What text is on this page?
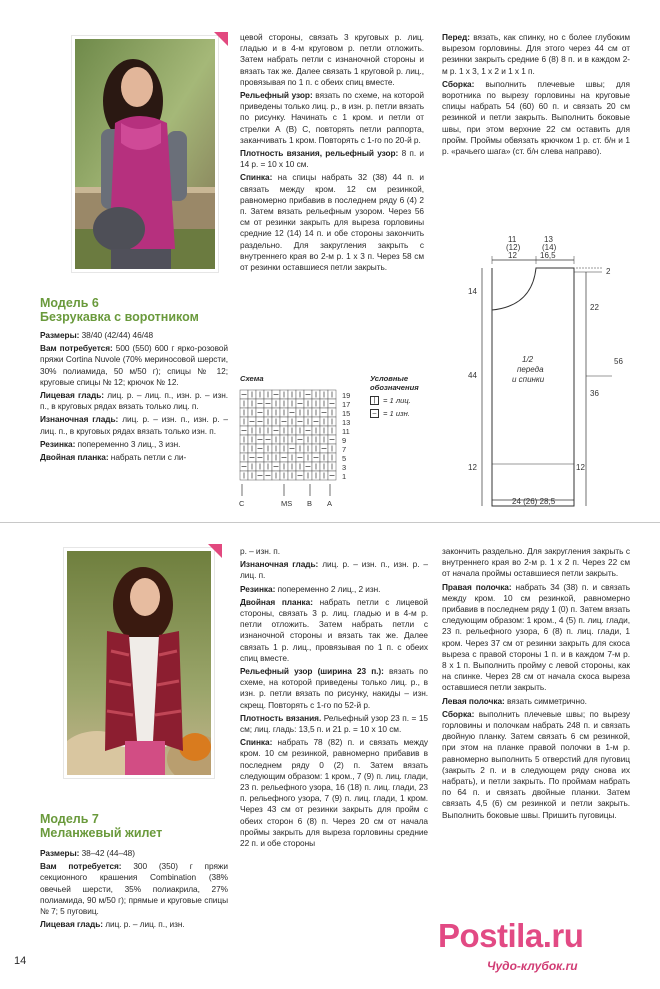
Модель 6
Безрукавка с воротником

Размеры: 38/40 (42/44) 46/48

Вам потребуется: 500 (550) 600 г ярко-розовой пряжи Cortina Nuvole (70% мериносовой шерсти, 30% полиамида, 50 м/50 г); спицы № 12; круговые спицы № 12; крючок № 12.

Лицевая гладь: лиц. р. – лиц. п., изн. р. – изн. п., в круговых рядах вязать только лиц. п.

Изнаночная гладь: лиц. р. – изн. п., изн. р. – лиц. п., в круговых рядах вязать только изн. п.

Резинка: попеременно 3 лиц., 3 изн.

Двойная планка: набрать петли с ли-

цевой стороны, связать 3 круговых р. лиц. гладью и в 4-м круговом р. петли отложить. Затем набрать петли с изнаночной стороны и вязать так же. Далее связать 1 круговой р. лиц., провязывая по 1 п. с обеих спиц вместе.

Рельефный узор: вязать по схеме, на которой приведены только лиц. р., в изн. р. петли вязать по рисунку. Начинать с 1 кром. и петли от стрелки А (В) С, повторять петли раппорта, заканчивать 1 кром. Повторять с 1-го по 20-й р.

Плотность вязания, рельефный узор: 8 п. и 14 р. = 10 х 10 см.

Спинка: на спицы набрать 32 (38) 44 п. и связать между кром. 12 см резинкой, равномерно прибавив в последнем ряду 6 (4) 2 п. Затем вязать рельефным узором. Через 56 см от резинки закрыть для выреза горловины средние 12 (14) 14 п. и обе стороны закончить раздельно. Для закругления закрыть с внутреннего края во 2-м р. 1 х 3 п. Через 58 см от резинки оставшиеся петли закрыть.

Схема
19
17
15
13
11
9
7
5
3
1
C	MS B A
Условные
обозначения
| = 1 лиц.
– = 1 изн.

Перед: вязать, как спинку, но с более глубоким вырезом горловины. Для этого через 44 см от резинки закрыть средние 6 (8) 8 п. и в каждом 2-м р. 1 х 3, 1 х 2 и 1 х 1 п.

Сборка: выполнить плечевые швы; для воротника по вырезу горловины на круговые спицы набрать 54 (60) 60 п. и связать 20 см резинкой и петли закрыть. Выполнить боковые швы, при этом верхние 22 см оставить для пройм. Проймы обвязать крючком 1 р. ст. б/н и 1 р. «рачьего шага» (ст. б/н слева направо).

11
(12)
12
13
(14)
16,5
2
14
22
1/2
переда
и спинки
44
56
36
12	12
24 (26) 28,5
Модель 7
Меланжевый жилет

Размеры: 38–42 (44–48)

Вам потребуется: 300 (350) г пряжи секционного крашения Combination (38% овечьей шерсти, 35% полиакрила, 27% полиамида, 90 м/50 г); прямые и круговые спицы № 7; 5 пуговиц.

Лицевая гладь: лиц. р. – лиц. п., изн.

р. – изн. п.

Изнаночная гладь: лиц. р. – изн. п., изн. р. – лиц. п.

Резинка: попеременно 2 лиц., 2 изн.

Двойная планка: набрать петли с лицевой стороны, связать 3 р. лиц. гладью и в 4-м р. петли отложить. Затем набрать петли с изнаночной стороны и вязать так же. Далее связать 1 р. лиц., провязывая по 1 п. с обеих спиц вместе.

Рельефный узор (ширина 23 п.): вязать по схеме, на которой приведены только лиц. р., в изн. р. петли вязать по рисунку, накиды – изн. скрещ. Повторять с 1-го по 52-й р.

Плотность вязания. Рельефный узор 23 п. = 15 см; лиц. гладь: 13,5 п. и 21 р. = 10 х 10 см.

Спинка: набрать 78 (82) п. и связать между кром. 10 см резинкой, равномерно прибавив в последнем ряду 0 (2) п. Затем вязать следующим образом: 1 кром., 7 (9) п. лиц. глади, 23 п. рельефного узора, 16 (18) п. лиц. глади, 23 п. рельефного узора, 7 (9) п. лиц. глади, 1 кром. Через 43 см от резинки закрыть для пройм с обеих сторон 6 (8) п. Через 20 см от начала проймы закрыть для выреза горловины средние 22 п. и обе стороны

закончить раздельно. Для закругления закрыть с внутреннего края во 2-м р. 1 х 2 п. Через 22 см от начала проймы оставшиеся петли закрыть.

Правая полочка: набрать 34 (38) п. и связать между кром. 10 см резинкой, равномерно прибавив в последнем ряду 1 (0) п. Затем вязать следующим образом: 1 кром., 4 (5) п. лиц. глади, 23 п. рельефного узора, 6 (8) п. лиц. глади, 1 кром. Через 37 см от резинки закрыть для скоса выреза с правой стороны 1 п. и в каждом 7-м р. 8 х 1 п. Выполнить пройму с левой стороны, как на спинке. Через 28 см от начала скоса выреза оставшиеся петли закрыть.

Левая полочка: вязать симметрично.

Сборка: выполнить плечевые швы; по вырезу горловины и полочкам набрать 248 п. и связать двойную планку. Затем связать 6 см резинкой, при этом на планке правой полочки в 1-м р. равномерно выполнить 5 отверстий для пуговиц (закрыть 2 п. и в следующем ряду снова их набрать), и петли закрыть. По проймам набрать по 64 п. и связать двойные планки. Затем связать 4,5 (6) см резинкой и петли закрыть. Выполнить боковые швы. Пришить пуговицы.

14
Postila.ru
Чудо-клубок.ru
